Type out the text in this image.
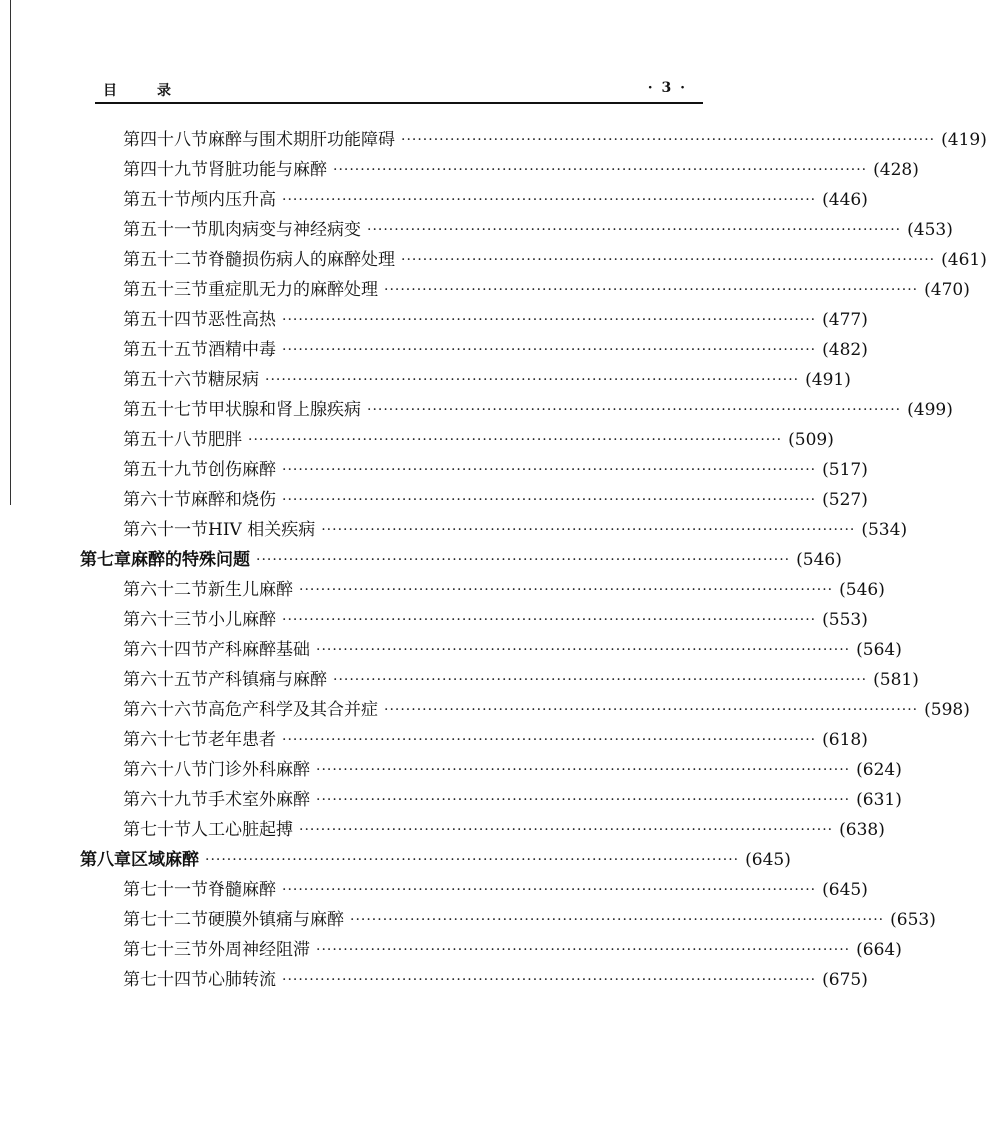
目	录	· 3 ·
第四十八节 麻醉与围术期肝功能障碍 ·································································································· (419)
第四十九节 肾脏功能与麻醉 ·································································································· (428)
第五十节 颅内压升高 ·································································································· (446)
第五十一节 肌肉病变与神经病变 ·································································································· (453)
第五十二节 脊髓损伤病人的麻醉处理 ·································································································· (461)
第五十三节 重症肌无力的麻醉处理 ·································································································· (470)
第五十四节 恶性高热 ·································································································· (477)
第五十五节 酒精中毒 ·································································································· (482)
第五十六节 糖尿病 ·································································································· (491)
第五十七节 甲状腺和肾上腺疾病 ·································································································· (499)
第五十八节 肥胖 ·································································································· (509)
第五十九节 创伤麻醉 ·································································································· (517)
第六十节 麻醉和烧伤 ·································································································· (527)
第六十一节 HIV 相关疾病 ·································································································· (534)
第七章 麻醉的特殊问题 ·································································································· (546)
第六十二节 新生儿麻醉 ·································································································· (546)
第六十三节 小儿麻醉 ·································································································· (553)
第六十四节 产科麻醉基础 ·································································································· (564)
第六十五节 产科镇痛与麻醉 ·································································································· (581)
第六十六节 高危产科学及其合并症 ·································································································· (598)
第六十七节 老年患者 ·································································································· (618)
第六十八节 门诊外科麻醉 ·································································································· (624)
第六十九节 手术室外麻醉 ·································································································· (631)
第七十节 人工心脏起搏 ·································································································· (638)
第八章 区域麻醉 ·································································································· (645)
第七十一节 脊髓麻醉 ·································································································· (645)
第七十二节 硬膜外镇痛与麻醉 ·································································································· (653)
第七十三节 外周神经阻滞 ·································································································· (664)
第七十四节 心肺转流 ·································································································· (675)
